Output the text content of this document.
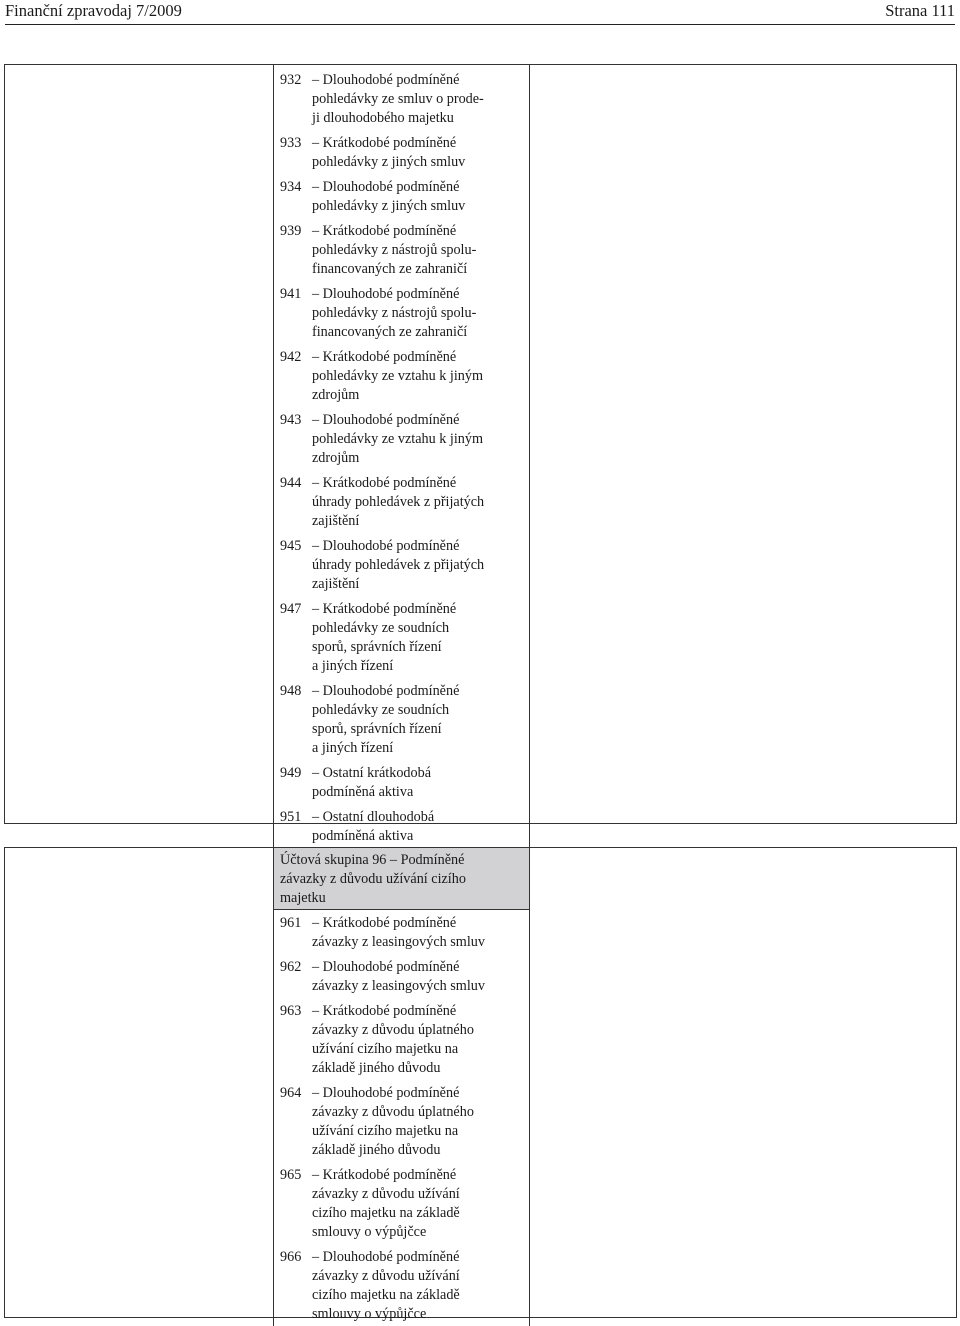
Finanční zpravodaj 7/2009	Strana 111
932 – Dlouhodobé podmíněné
pohledávky ze smluv o prode-
ji dlouhodobého majetku
933 – Krátkodobé podmíněné
pohledávky z jiných smluv
934 – Dlouhodobé podmíněné
pohledávky z jiných smluv
939 – Krátkodobé podmíněné
pohledávky z nástrojů spolu-
financovaných ze zahraničí
941 – Dlouhodobé podmíněné
pohledávky z nástrojů spolu-
financovaných ze zahraničí
942 – Krátkodobé podmíněné
pohledávky ze vztahu k jiným
zdrojům
943 – Dlouhodobé podmíněné
pohledávky ze vztahu k jiným
zdrojům
944 – Krátkodobé podmíněné
úhrady pohledávek z přijatých
zajištění
945 – Dlouhodobé podmíněné
úhrady pohledávek z přijatých
zajištění
947 – Krátkodobé podmíněné
pohledávky ze soudních
sporů, správních řízení
a jiných řízení
948 – Dlouhodobé podmíněné
pohledávky ze soudních
sporů, správních řízení
a jiných řízení
949 – Ostatní krátkodobá
podmíněná aktiva
951 – Ostatní dlouhodobá
podmíněná aktiva
Účtová skupina 96 – Podmíněné
závazky z důvodu užívání cizího
majetku
961 – Krátkodobé podmíněné
závazky z leasingových smluv
962 – Dlouhodobé podmíněné
závazky z leasingových smluv
963 – Krátkodobé podmíněné
závazky z důvodu úplatného
užívání cizího majetku na
základě jiného důvodu
964 – Dlouhodobé podmíněné
závazky z důvodu úplatného
užívání cizího majetku na
základě jiného důvodu
965 – Krátkodobé podmíněné
závazky z důvodu užívání
cizího majetku na základě
smlouvy o výpůjčce
966 – Dlouhodobé podmíněné
závazky z důvodu užívání
cizího majetku na základě
smlouvy o výpůjčce
